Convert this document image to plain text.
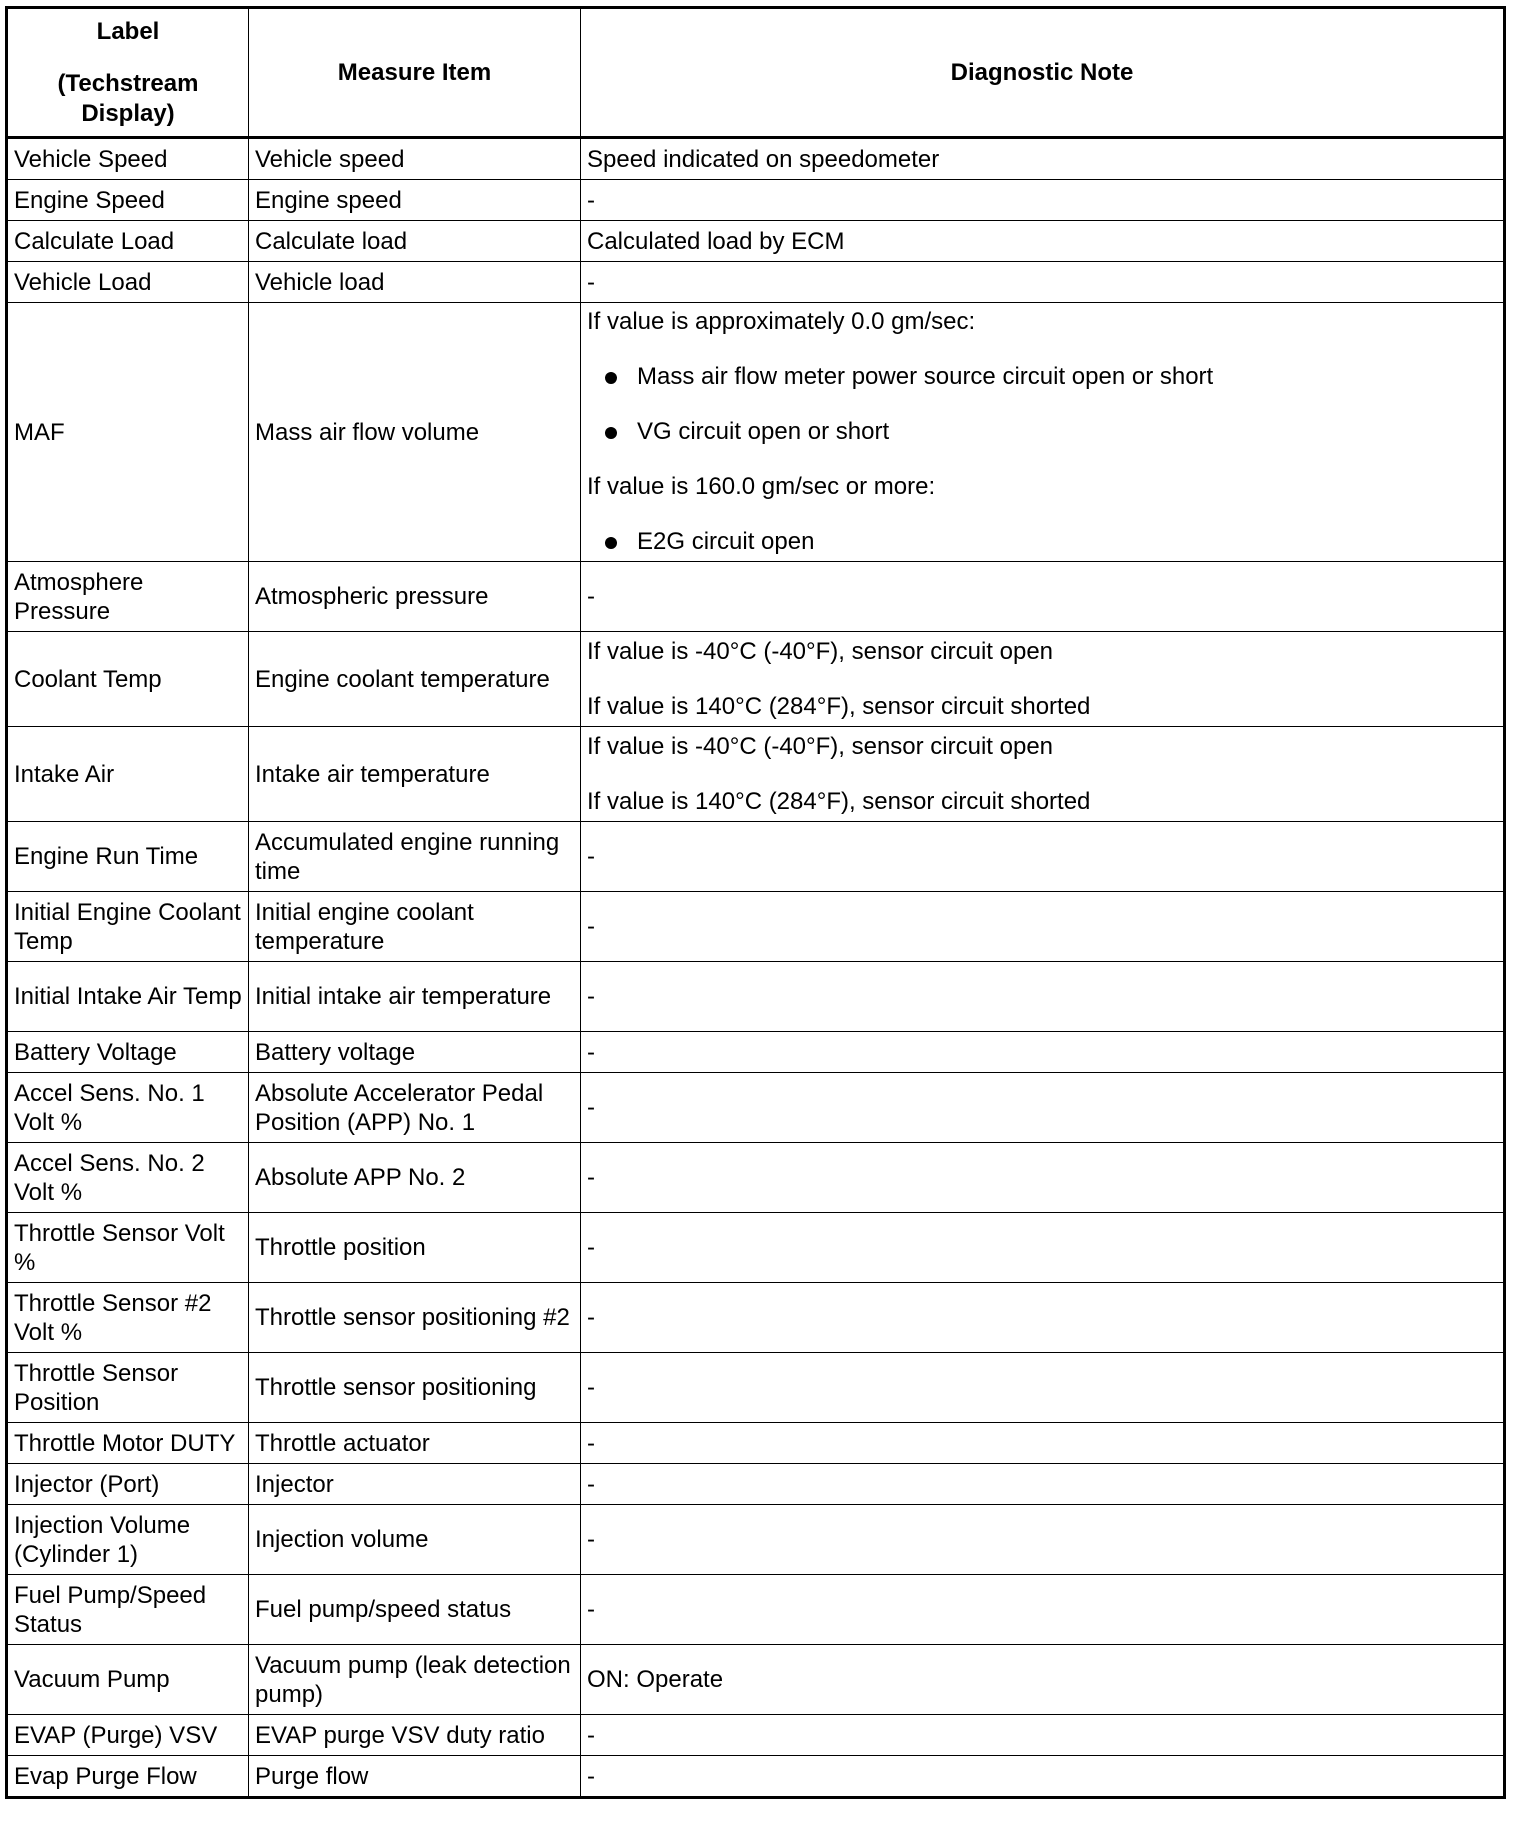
Label
(Techstream
Display)	Measure Item	Diagnostic Note
Vehicle Speed	Vehicle speed	Speed indicated on speedometer
Engine Speed	Engine speed	-
Calculate Load	Calculate load	Calculated load by ECM
Vehicle Load	Vehicle load	-
MAF	Mass air flow volume	If value is approximately 0.0 gm/sec:
Mass air flow meter power source circuit open or short
VG circuit open or short
If value is 160.0 gm/sec or more:
E2G circuit open

Atmosphere Pressure	Atmospheric pressure	-
Coolant Temp	Engine coolant temperature	If value is -40°C (-40°F), sensor circuit open
If value is 140°C (284°F), sensor circuit shorted

Intake Air	Intake air temperature	If value is -40°C (-40°F), sensor circuit open
If value is 140°C (284°F), sensor circuit shorted

Engine Run Time	Accumulated engine running time	-
Initial Engine Coolant Temp	Initial engine coolant temperature	-
Initial Intake Air Temp	Initial intake air temperature	-
Battery Voltage	Battery voltage	-
Accel Sens. No. 1 Volt %	Absolute Accelerator Pedal Position (APP) No. 1	-
Accel Sens. No. 2 Volt %	Absolute APP No. 2	-
Throttle Sensor Volt %	Throttle position	-
Throttle Sensor #2 Volt %	Throttle sensor positioning #2	-
Throttle Sensor Position	Throttle sensor positioning	-
Throttle Motor DUTY	Throttle actuator	-
Injector (Port)	Injector	-
Injection Volume (Cylinder 1)	Injection volume	-
Fuel Pump/Speed Status	Fuel pump/speed status	-
Vacuum Pump	Vacuum pump (leak detection pump)	ON: Operate
EVAP (Purge) VSV	EVAP purge VSV duty ratio	-
Evap Purge Flow	Purge flow	-
